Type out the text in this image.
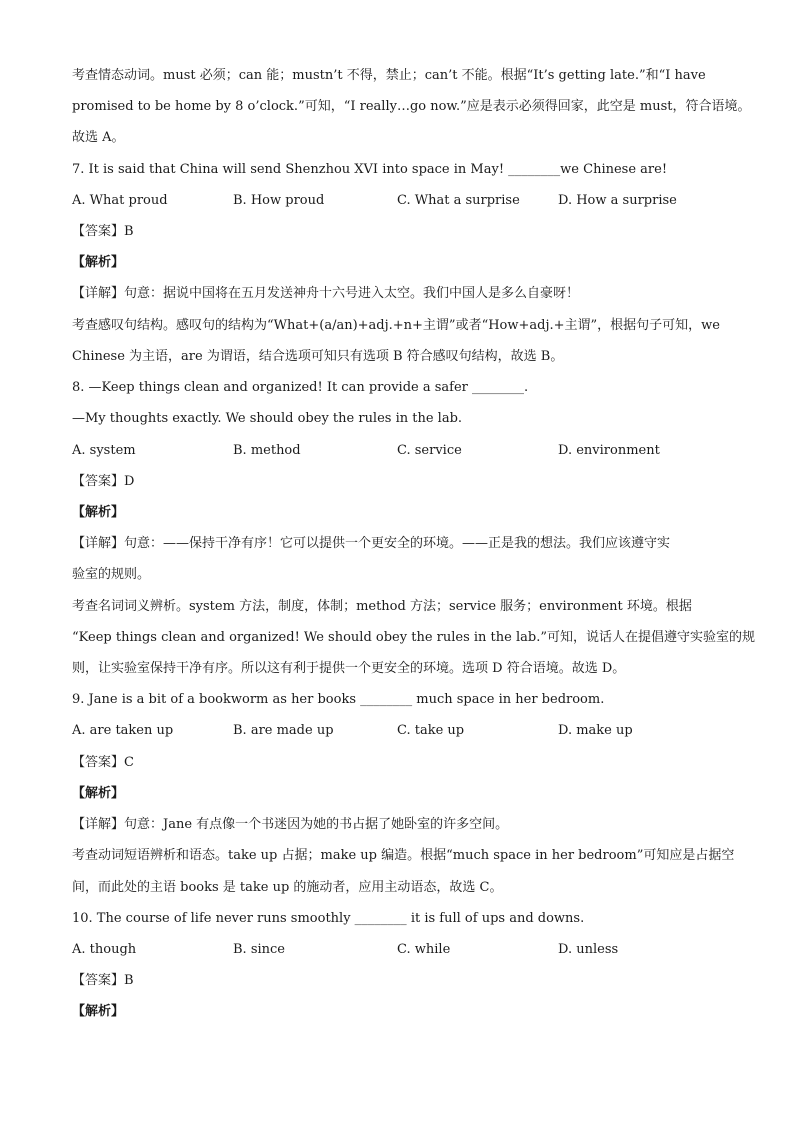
考查情态动词。must 必须；can 能；mustn’t 不得，禁止；can’t 不能。根据“It’s getting late.”和“I have
promised to be home by 8 o’clock.”可知，“I really…go now.”应是表示必须得回家，此空是 must，符合语境。
故选 A。
7. It is said that China will send Shenzhou XVI into space in May! ________we Chinese are!
A. What proud	B. How proud	C. What a surprise	D. How a surprise
【答案】B
【解析】
【详解】句意：据说中国将在五月发送神舟十六号进入太空。我们中国人是多么自豪呀！
考查感叹句结构。感叹句的结构为“What+(a/an)+adj.+n+主谓”或者“How+adj.+主谓”，根据句子可知，we
Chinese 为主语，are 为谓语，结合选项可知只有选项 B 符合感叹句结构，故选 B。
8. —Keep things clean and organized! It can provide a safer ________.
—My thoughts exactly. We should obey the rules in the lab.
A. system	B. method	C. service	D. environment
【答案】D
【解析】
【详解】句意：——保持干净有序！它可以提供一个更安全的环境。——正是我的想法。我们应该遵守实
验室的规则。
考查名词词义辨析。system 方法，制度，体制；method 方法；service 服务；environment 环境。根据
“Keep things clean and organized! We should obey the rules in the lab.”可知，说话人在提倡遵守实验室的规
则，让实验室保持干净有序。所以这有利于提供一个更安全的环境。选项 D 符合语境。故选 D。
9. Jane is a bit of a bookworm as her books ________ much space in her bedroom.
A. are taken up	B. are made up	C. take up	D. make up
【答案】C
【解析】
【详解】句意：Jane 有点像一个书迷因为她的书占据了她卧室的许多空间。
考查动词短语辨析和语态。take up 占据；make up 编造。根据“much space in her bedroom”可知应是占据空
间，而此处的主语 books 是 take up 的施动者，应用主动语态，故选 C。
10. The course of life never runs smoothly ________ it is full of ups and downs.
A. though	B. since	C. while	D. unless
【答案】B
【解析】
